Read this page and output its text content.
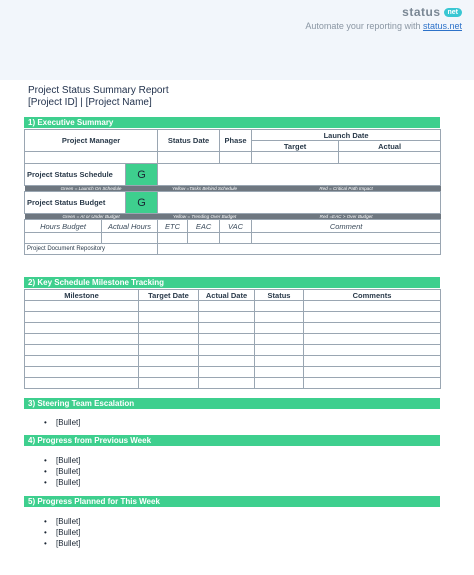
status	net
Automate your reporting with status.net
Project Status Summary Report
[Project ID] | [Project Name]
1) Executive Summary
Project Manager			Status Date		Phase	Launch Date	
						Target	Actual

Project Status Schedule		G					
Green = Launch On Schedule			Yellow =Tasks Behind Schedule			Red = Critical Path Impact	
Project Status Budget		G					
Green = At or Under Budget			Yellow = Trending Over Budget			Red =EAC > Over Budget	
Hours Budget	Actual Hours		ETC	EAC	VAC	Comment	

Project Document Repository							
2) Key Schedule Milestone Tracking
Milestone	Target Date	Actual Date	Status	Comments

3) Steering Team Escalation
• [Bullet]
4) Progress from Previous Week
• [Bullet]
• [Bullet]
• [Bullet]
5) Progress Planned for This Week
• [Bullet]
• [Bullet]
• [Bullet]
